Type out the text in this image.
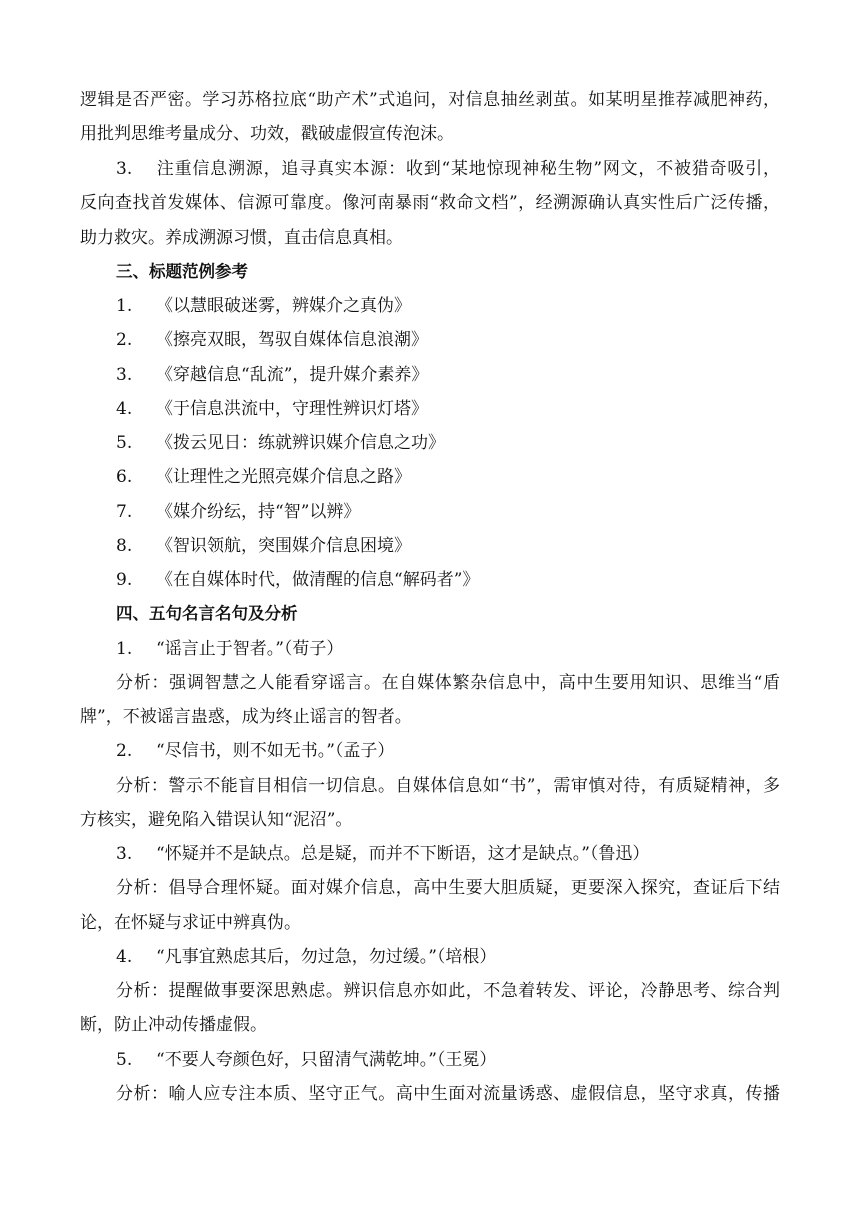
逻辑是否严密。学习苏格拉底“助产术”式追问，对信息抽丝剥茧。如某明星推荐减肥神药，
用批判思维考量成分、功效，戳破虚假宣传泡沫。
3. 注重信息溯源，追寻真实本源：收到“某地惊现神秘生物”网文，不被猎奇吸引，
反向查找首发媒体、信源可靠度。像河南暴雨“救命文档”，经溯源确认真实性后广泛传播，
助力救灾。养成溯源习惯，直击信息真相。
三、标题范例参考
1. 《以慧眼破迷雾，辨媒介之真伪》
2. 《擦亮双眼，驾驭自媒体信息浪潮》
3. 《穿越信息“乱流”，提升媒介素养》
4. 《于信息洪流中，守理性辨识灯塔》
5. 《拨云见日：练就辨识媒介信息之功》
6. 《让理性之光照亮媒介信息之路》
7. 《媒介纷纭，持“智”以辨》
8. 《智识领航，突围媒介信息困境》
9. 《在自媒体时代，做清醒的信息“解码者”》
四、五句名言名句及分析
1. “谣言止于智者。”（荀子）
分析：强调智慧之人能看穿谣言。在自媒体繁杂信息中，高中生要用知识、思维当“盾
牌”，不被谣言蛊惑，成为终止谣言的智者。
2. “尽信书，则不如无书。”（孟子）
分析：警示不能盲目相信一切信息。自媒体信息如“书”，需审慎对待，有质疑精神，多
方核实，避免陷入错误认知“泥沼”。
3. “怀疑并不是缺点。总是疑，而并不下断语，这才是缺点。”（鲁迅）
分析：倡导合理怀疑。面对媒介信息，高中生要大胆质疑，更要深入探究，查证后下结
论，在怀疑与求证中辨真伪。
4. “凡事宜熟虑其后，勿过急，勿过缓。”（培根）
分析：提醒做事要深思熟虑。辨识信息亦如此，不急着转发、评论，冷静思考、综合判
断，防止冲动传播虚假。
5. “不要人夸颜色好，只留清气满乾坤。”（王冕）
分析：喻人应专注本质、坚守正气。高中生面对流量诱惑、虚假信息，坚守求真，传播
